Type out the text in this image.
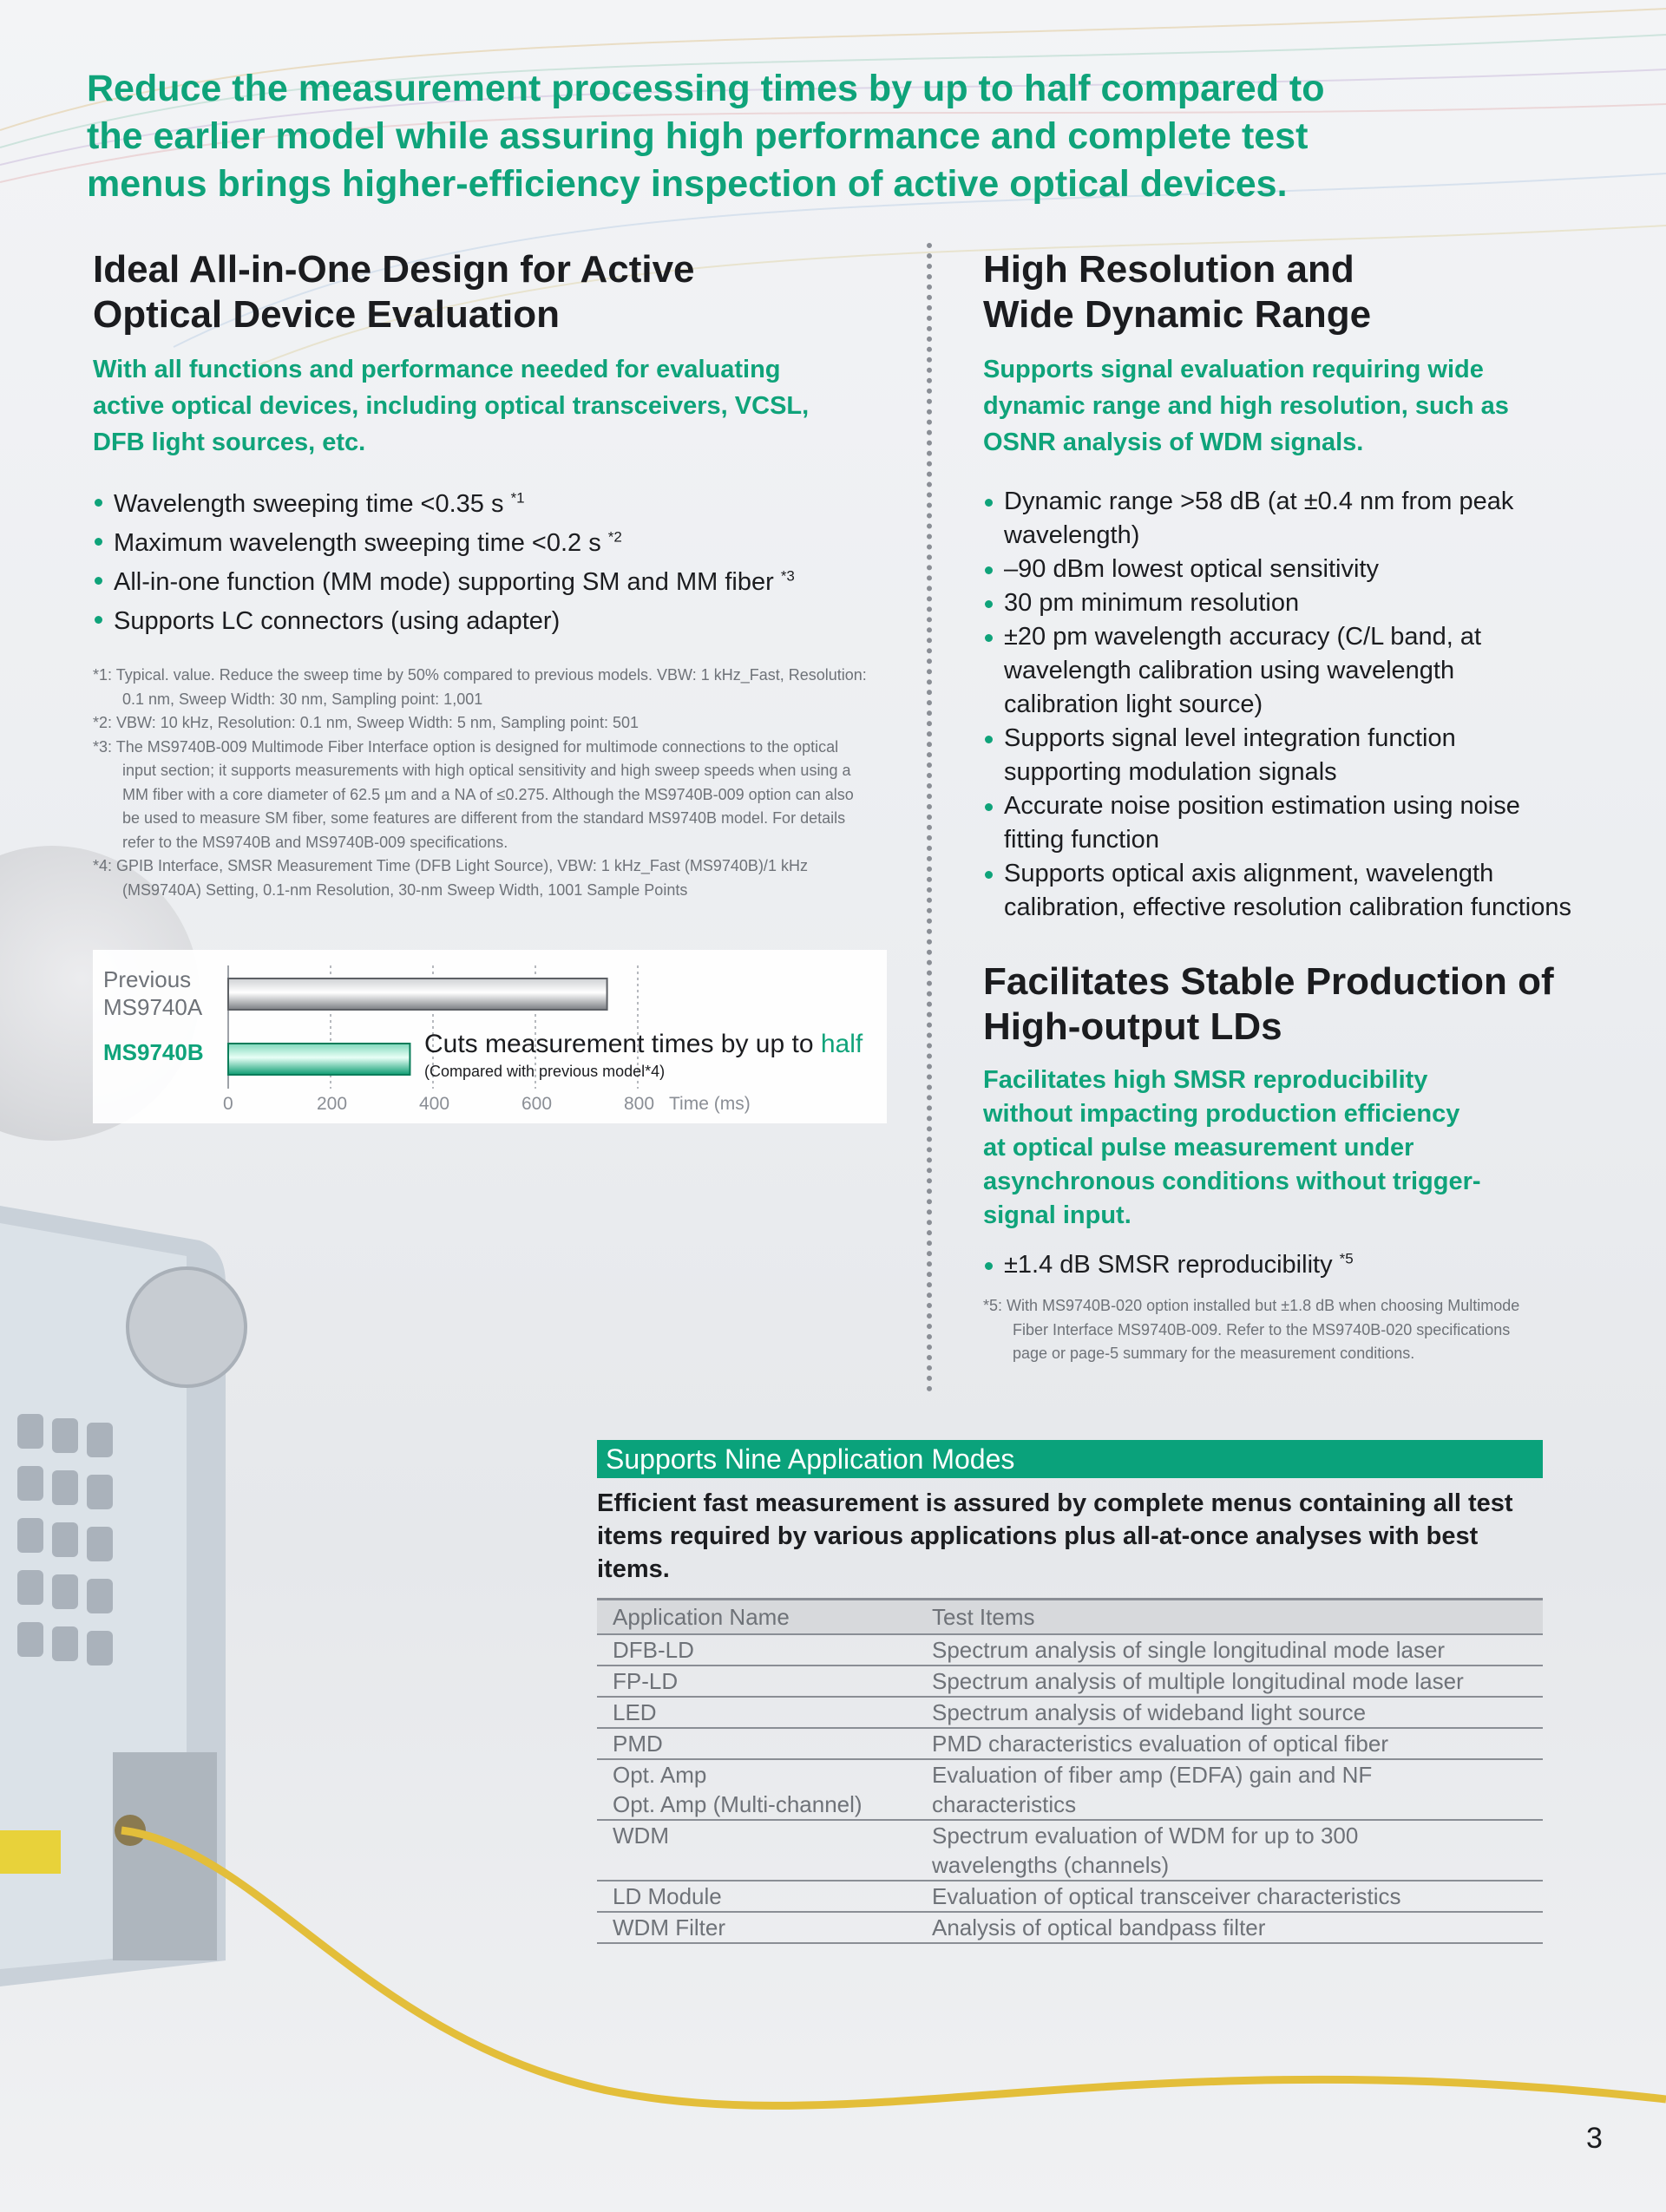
Reduce the measurement processing times by up to half compared to the earlier model while assuring high performance and complete test menus brings higher-efficiency inspection of active optical devices.
Ideal All-in-One Design for Active Optical Device Evaluation

With all functions and performance needed for evaluating active optical devices, including optical transceivers, VCSL, DFB light sources, etc.

Wavelength sweeping time <0.35 s $^{*1}$
Maximum wavelength sweeping time <0.2 s $^{*2}$
All-in-one function (MM mode) supporting SM and MM fiber $^{*3}$
Supports LC connectors (using adapter)
*1: Typical. value. Reduce the sweep time by 50% compared to previous models. VBW: 1 kHz_Fast, Resolution: 0.1 nm, Sweep Width: 30 nm, Sampling point: 1,001
*2: VBW: 10 kHz, Resolution: 0.1 nm, Sweep Width: 5 nm, Sampling point: 501
*3: The MS9740B-009 Multimode Fiber Interface option is designed for multimode connections to the optical input section; it supports measurements with high optical sensitivity and high sweep speeds when using a MM fiber with a core diameter of 62.5 µm and a NA of ≤0.275. Although the MS9740B-009 option can also be used to measure SM fiber, some features are different from the standard MS9740B model. For details refer to the MS9740B and MS9740B-009 specifications.
*4: GPIB Interface, SMSR Measurement Time (DFB Light Source), VBW: 1 kHz_Fast (MS9740B)/1 kHz (MS9740A) Setting, 0.1-nm Resolution, 30-nm Sweep Width, 1001 Sample Points
Previous MS9740A
MS9740B	Cuts measurement times by up to half
(Compared with previous model*4)
0	200	400	600	800 Time (ms)
High Resolution and Wide Dynamic Range

Supports signal evaluation requiring wide dynamic range and high resolution, such as OSNR analysis of WDM signals.

Dynamic range >58 dB (at ±0.4 nm from peak wavelength)
–90 dBm lowest optical sensitivity
30 pm minimum resolution
±20 pm wavelength accuracy (C/L band, at wavelength calibration using wavelength calibration light source)
Supports signal level integration function supporting modulation signals
Accurate noise position estimation using noise fitting function
Supports optical axis alignment, wavelength calibration, effective resolution calibration functions
Facilitates Stable Production of High-output LDs

Facilitates high SMSR reproducibility without impacting production efficiency at optical pulse measurement under asynchronous conditions without trigger-signal input.

±1.4 dB SMSR reproducibility $^{*5}$
*5: With MS9740B-020 option installed but ±1.8 dB when choosing Multimode Fiber Interface MS9740B-009. Refer to the MS9740B-020 specifications page or page-5 summary for the measurement conditions.
Supports Nine Application Modes

Efficient fast measurement is assured by complete menus containing all test items required by various applications plus all-at-once analyses with best items.

Application Name	Test Items
DFB-LD	Spectrum analysis of single longitudinal mode laser
FP-LD	Spectrum analysis of multiple longitudinal mode laser
LED	Spectrum analysis of wideband light source
PMD	PMD characteristics evaluation of optical fiber
Opt. Amp
Opt. Amp (Multi-channel)	Evaluation of fiber amp (EDFA) gain and NF characteristics
WDM	Spectrum evaluation of WDM for up to 300 wavelengths (channels)
LD Module	Evaluation of optical transceiver characteristics
WDM Filter	Analysis of optical bandpass filter
3
